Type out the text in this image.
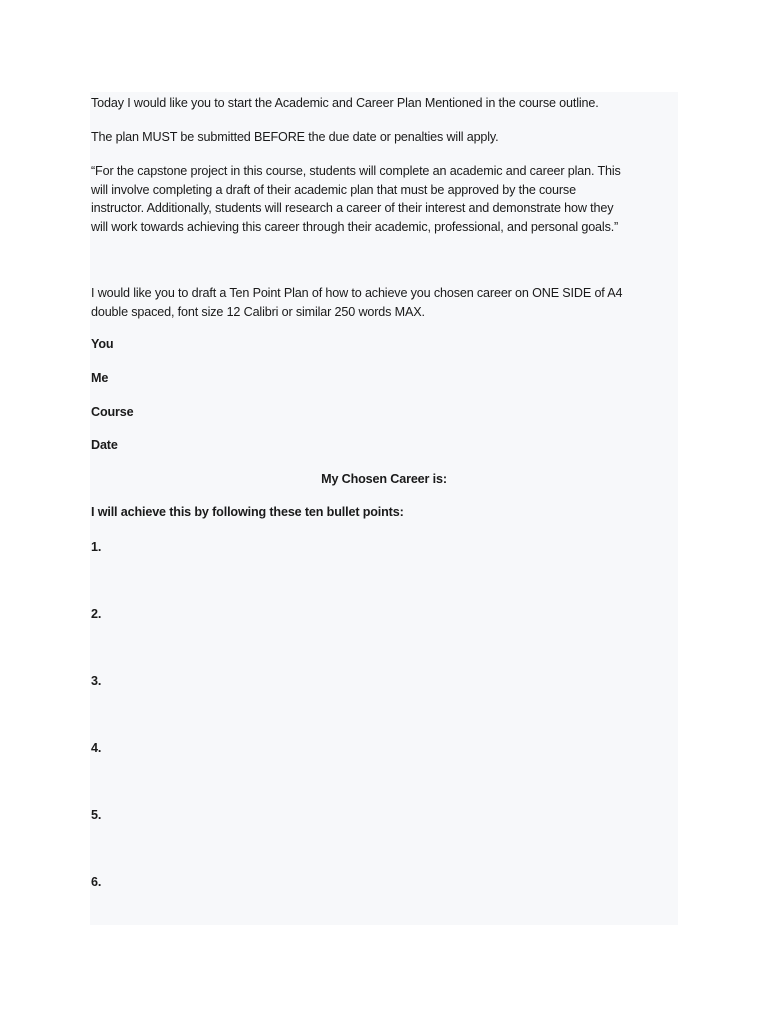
Today I would like you to start the Academic and Career Plan Mentioned in the course outline.

The plan MUST be submitted BEFORE the due date or penalties will apply.

“For the capstone project in this course, students will complete an academic and career plan. This

will involve completing a draft of their academic plan that must be approved by the course

instructor. Additionally, students will research a career of their interest and demonstrate how they

will work towards achieving this career through their academic, professional, and personal goals.”

I would like you to draft a Ten Point Plan of how to achieve you chosen career on ONE SIDE of A4

double spaced, font size 12 Calibri or similar 250 words MAX.

You

Me

Course

Date

My Chosen Career is:

I will achieve this by following these ten bullet points:

1.

2.

3.

4.

5.

6.
